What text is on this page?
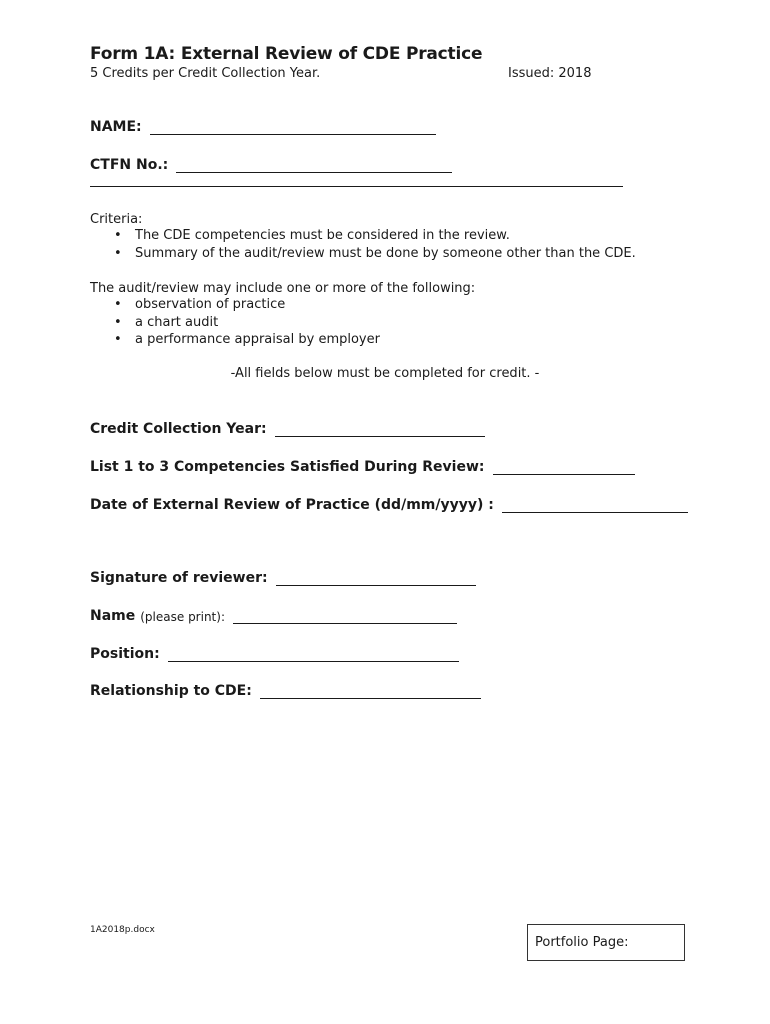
Form 1A: External Review of CDE Practice
5 Credits per Credit Collection Year.	Issued: 2018
NAME:
CTFN No.:
Criteria:
• The CDE competencies must be considered in the review.
• Summary of the audit/review must be done by someone other than the CDE.
The audit/review may include one or more of the following:
• observation of practice
• a chart audit
• a performance appraisal by employer
-All fields below must be completed for credit. -
Credit Collection Year:
List 1 to 3 Competencies Satisfied During Review:
Date of External Review of Practice (dd/mm/yyyy) :
Signature of reviewer:
Name (please print):
Position:
Relationship to CDE:
1A2018p.docx
Portfolio Page:
